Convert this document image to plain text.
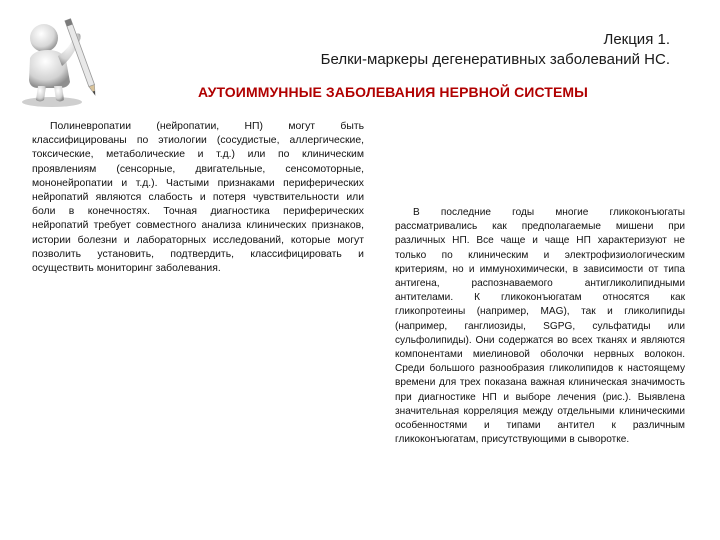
Лекция 1.
Белки-маркеры дегенеративных заболеваний НС.
АУТОИММУННЫЕ ЗАБОЛЕВАНИЯ НЕРВНОЙ СИСТЕМЫ
Полиневропатии (нейропатии, НП) могут быть классифицированы по этиологии (сосудистые, аллергические, токсические, метаболические и т.д.) или по клиническим проявлениям (сенсорные, двигательные, сенсомоторные, мононейропатии и т.д.). Частыми признаками периферических нейропатий являются слабость и потеря чувствительности или боли в конечностях. Точная диагностика периферических нейропатий требует совместного анализа клинических признаков, истории болезни и лабораторных исследований, которые могут позволить установить, подтвердить, классифицировать и осуществить мониторинг заболевания.
В последние годы многие гликоконъюгаты рассматривались как предполагаемые мишени при различных НП. Все чаще и чаще НП характеризуют не только по клиническим и электрофизиологическим критериям, но и иммунохимически, в зависимости от типа антигена, распознаваемого антигликолипидными антителами. К гликоконъюгатам относятся как гликопротеины (например, MAG), так и гликолипиды (например, ганглиозиды, SGPG, сульфатиды или сульфолипиды). Они содержатся во всех тканях и являются компонентами миелиновой оболочки нервных волокон. Среди большого разнообразия гликолипидов к настоящему времени для трех показана важная клиническая значимость при диагностике НП и выборе лечения (рис.). Выявлена значительная корреляция между отдельными клиническими особенностями и типами антител к различным гликоконъюгатам, присутствующими в сыворотке.
